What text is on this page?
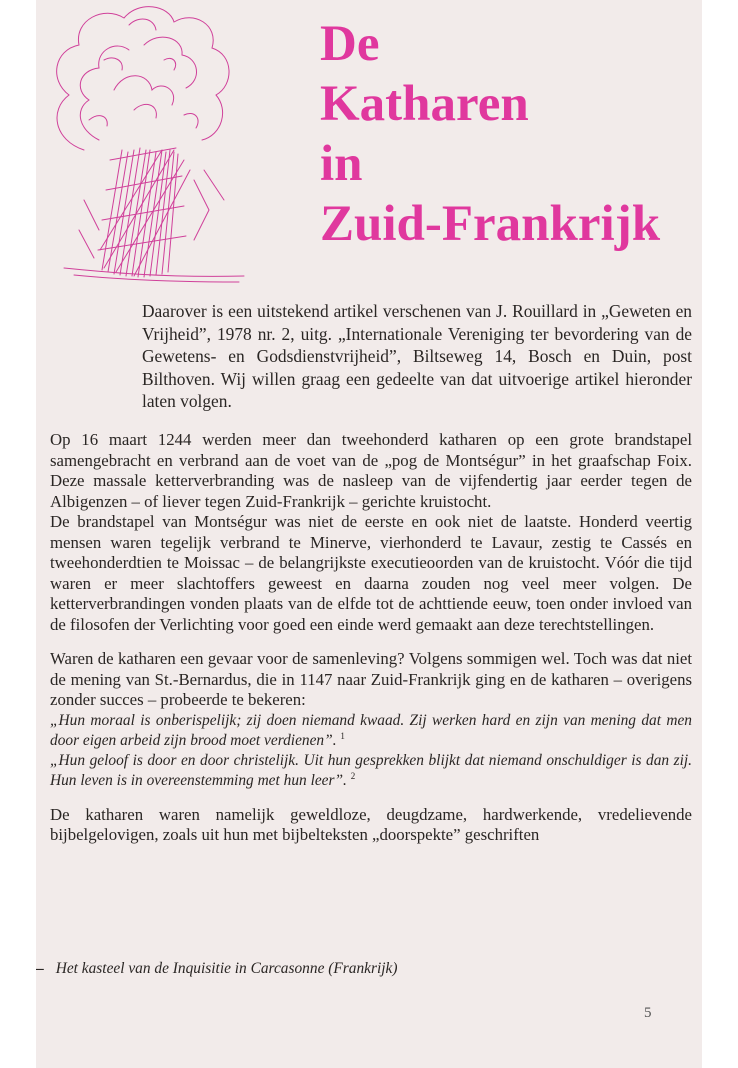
De
Katharen
in
Zuid-Frankrijk

Daarover is een uitstekend artikel verschenen van J. Rouillard in „Geweten en Vrijheid”, 1978 nr. 2, uitg. „Internationale Vereniging ter bevordering van de Gewetens- en Godsdienstvrijheid”, Biltseweg 14, Bosch en Duin, post Bilthoven. Wij willen graag een gedeelte van dat uitvoerige artikel hieronder laten volgen.

Op 16 maart 1244 werden meer dan tweehonderd katharen op een grote brandstapel samengebracht en verbrand aan de voet van de „pog de Montségur” in het graafschap Foix. Deze massale ketterverbranding was de nasleep van de vijfendertig jaar eerder tegen de Albigenzen – of liever tegen Zuid-Frankrijk – gerichte kruistocht.

De brandstapel van Montségur was niet de eerste en ook niet de laatste. Honderd veertig mensen waren tegelijk verbrand te Minerve, vierhonderd te Lavaur, zestig te Cassés en tweehonderdtien te Moissac – de belangrijkste executieoorden van de kruistocht. Vóór die tijd waren er meer slachtoffers geweest en daarna zouden nog veel meer volgen. De ketterverbrandingen vonden plaats van de elfde tot de achttiende eeuw, toen onder invloed van de filosofen der Verlichting voor goed een einde werd gemaakt aan deze terechtstellingen.

Waren de katharen een gevaar voor de samenleving? Volgens sommigen wel. Toch was dat niet de mening van St.-Bernardus, die in 1147 naar Zuid-Frankrijk ging en de katharen – overigens zonder succes – probeerde te bekeren:

„Hun moraal is onberispelijk; zij doen niemand kwaad. Zij werken hard en zijn van mening dat men door eigen arbeid zijn brood moet verdienen”. $^1$

„Hun geloof is door en door christelijk. Uit hun gesprekken blijkt dat niemand onschuldiger is dan zij. Hun leven is in overeenstemming met hun leer”. $^2$

De katharen waren namelijk geweldloze, deugdzame, hardwerkende, vredelievende bijbelgelovigen, zoals uit hun met bijbelteksten „doorspekte” geschriften

– Het kasteel van de Inquisitie in Carcasonne (Frankrijk)
5
